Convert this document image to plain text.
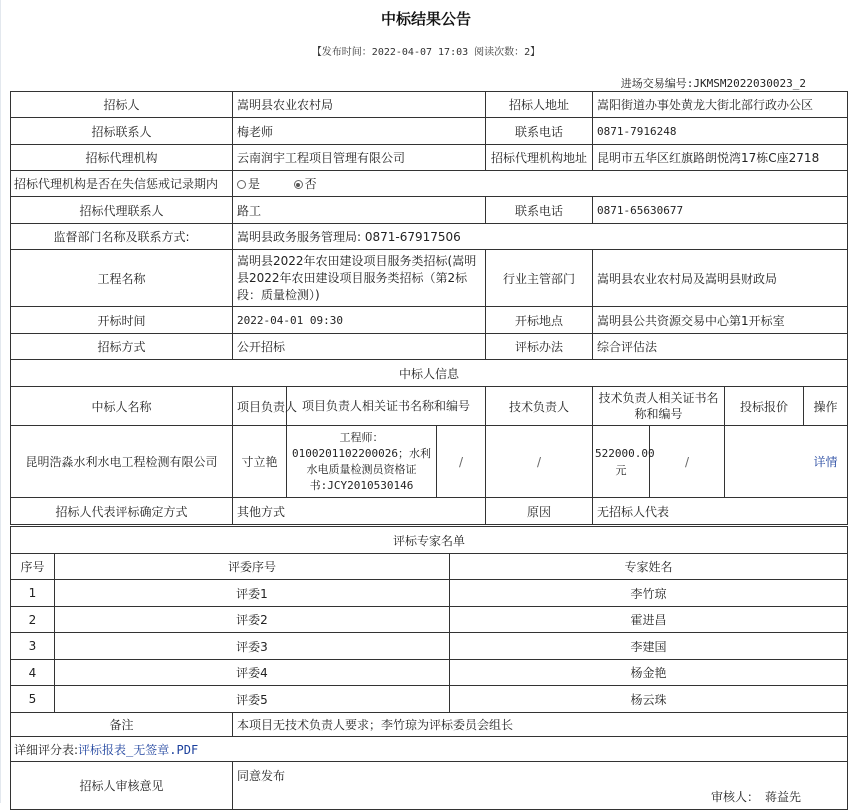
中标结果公告
【发布时间：2022-04-07 17:03 阅读次数：2】
进场交易编号:JKMSM2022030023_2
招标人	嵩明县农业农村局			招标人地址	嵩阳街道办事处黄龙大街北部行政办公区			
招标联系人	梅老师			联系电话	0871-7916248			
招标代理机构	云南润宇工程项目管理有限公司			招标代理机构地址	昆明市五华区红旗路朗悦湾17栋C座2718			
招标代理机构是否在失信惩戒记录期内	是 否							
招标代理联系人	路工			联系电话	0871-65630677			
监督部门名称及联系方式:	嵩明县政务服务管理局: 0871-67917506							
工程名称	嵩明县2022年农田建设项目服务类招标(嵩明县2022年农田建设项目服务类招标（第2标段：质量检测）)			行业主管部门	嵩明县农业农村局及嵩明县财政局			
开标时间	2022-04-01 09:30			开标地点	嵩明县公共资源交易中心第1开标室			
招标方式	公开招标			评标办法	综合评估法			
中标人信息								
中标人名称	项目负责人	项目负责人相关证书名称和编号		技术负责人	技术负责人相关证书名称和编号		投标报价	操作
昆明浩淼水利水电工程检测有限公司	寸立艳	工程师：0100201102200026；水利水电质量检测员资格证书:JCY2010530146	/	/	522000.00元	/	详情	
招标人代表评标确定方式	其他方式			原因	无招标人代表			
评标专家名单		
序号	评委序号	专家姓名
1	评委1	李竹琼
2	评委2	霍进昌
3	评委3	李建国
4	评委4	杨金艳
5	评委5	杨云珠
备注	本项目无技术负责人要求；李竹琼为评标委员会组长
详细评分表:评标报表_无签章.PDF	
招标人审核意见	同意发布
审核人： 蒋益先
